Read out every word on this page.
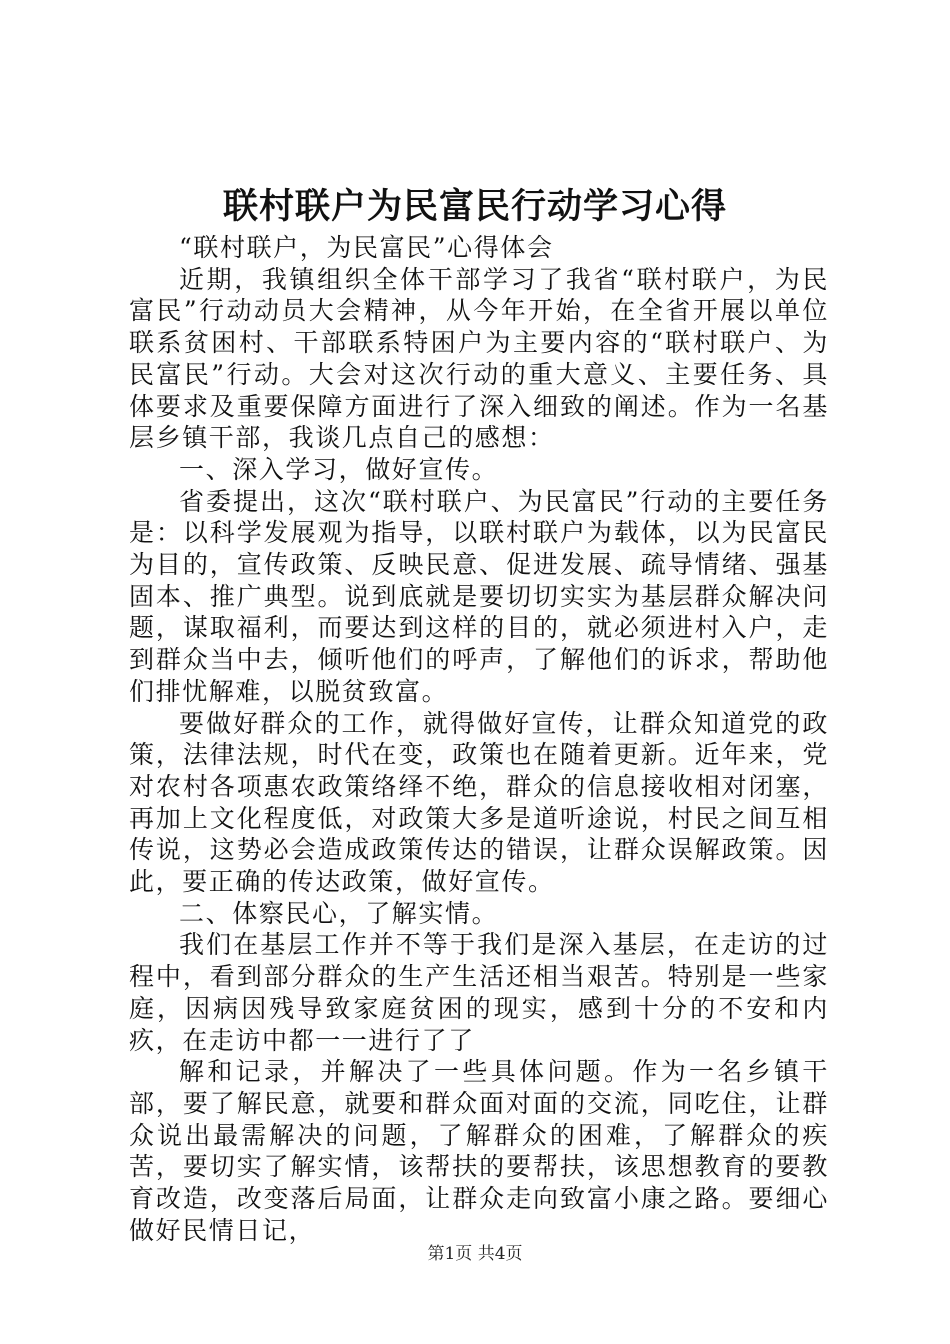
联村联户为民富民行动学习心得

“联村联户，为民富民”心得体会

近期，我镇组织全体干部学习了我省“联村联户，为民富民”行动动员大会精神，从今年开始，在全省开展以单位联系贫困村、干部联系特困户为主要内容的“联村联户、为民富民”行动。大会对这次行动的重大意义、主要任务、具体要求及重要保障方面进行了深入细致的阐述。作为一名基层乡镇干部，我谈几点自己的感想：

一、深入学习，做好宣传。

省委提出，这次“联村联户、为民富民”行动的主要任务是：以科学发展观为指导，以联村联户为载体，以为民富民为目的，宣传政策、反映民意、促进发展、疏导情绪、强基固本、推广典型。说到底就是要切切实实为基层群众解决问题，谋取福利，而要达到这样的目的，就必须进村入户，走到群众当中去，倾听他们的呼声，了解他们的诉求，帮助他们排忧解难，以脱贫致富。

要做好群众的工作，就得做好宣传，让群众知道党的政策，法律法规，时代在变，政策也在随着更新。近年来，党对农村各项惠农政策络绎不绝，群众的信息接收相对闭塞，再加上文化程度低，对政策大多是道听途说，村民之间互相传说，这势必会造成政策传达的错误，让群众误解政策。因此，要正确的传达政策，做好宣传。

二、体察民心，了解实情。

我们在基层工作并不等于我们是深入基层，在走访的过程中，看到部分群众的生产生活还相当艰苦。特别是一些家庭，因病因残导致家庭贫困的现实，感到十分的不安和内疚，在走访中都一一进行了了

解和记录，并解决了一些具体问题。作为一名乡镇干部，要了解民意，就要和群众面对面的交流，同吃住，让群众说出最需解决的问题，了解群众的困难，了解群众的疾苦，要切实了解实情，该帮扶的要帮扶，该思想教育的要教育改造，改变落后局面，让群众走向致富小康之路。要细心做好民情日记，

第1页 共4页
